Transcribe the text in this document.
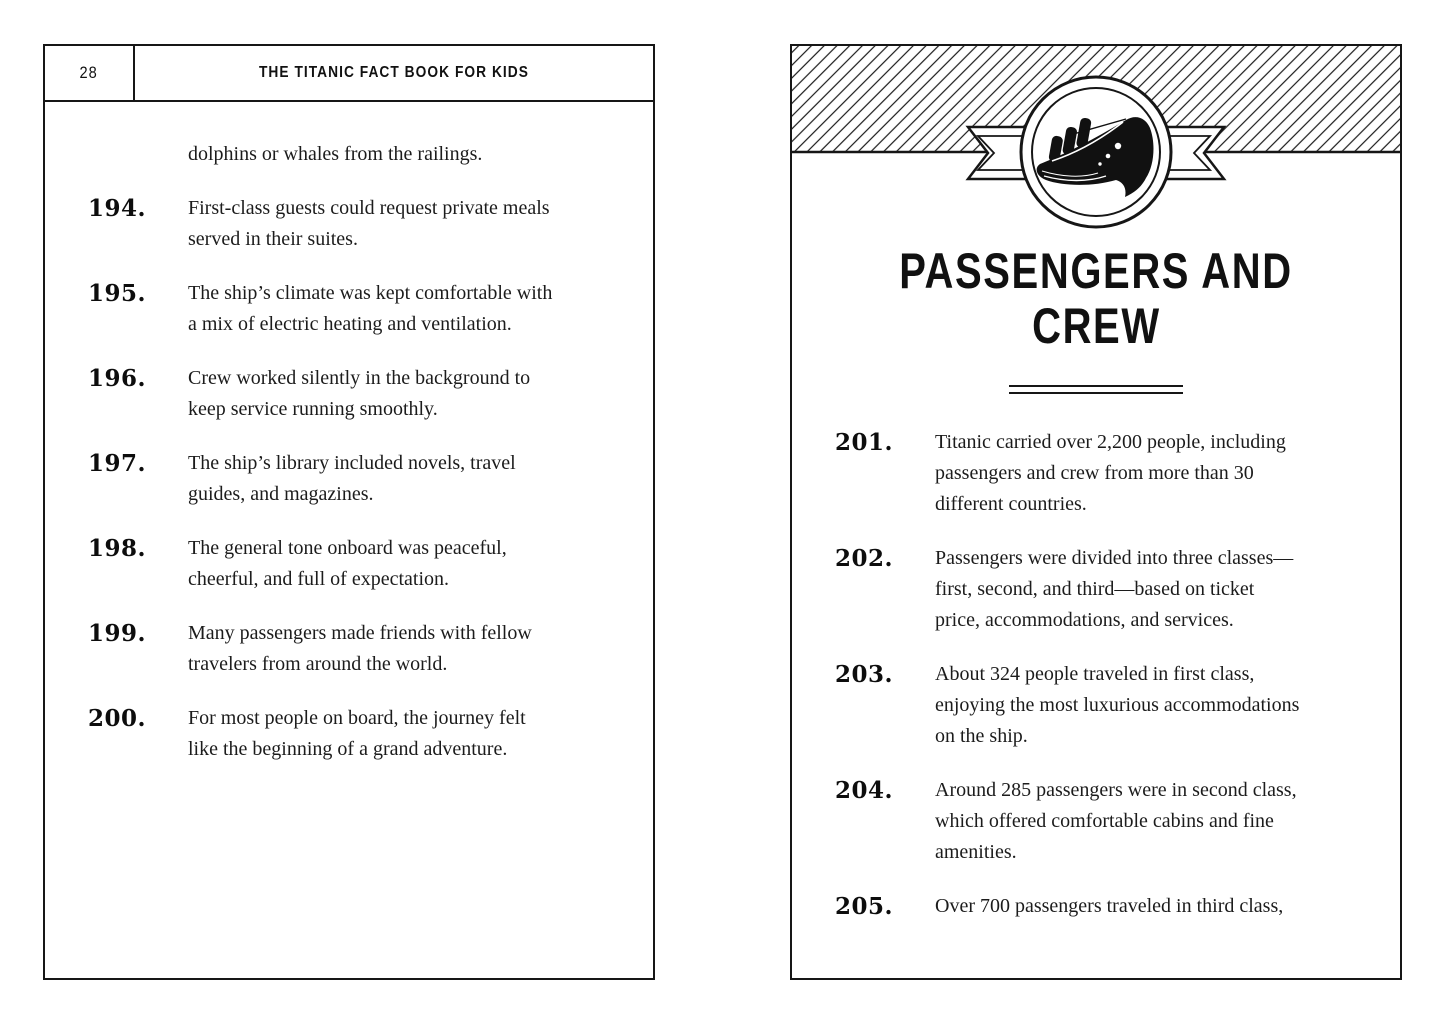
28	THE TITANIC FACT BOOK FOR KIDS
dolphins or whales from the railings.
194.	First-class guests could request private meals
served in their suites.
195.	The ship’s climate was kept comfortable with
a mix of electric heating and ventilation.
196.	Crew worked silently in the background to
keep service running smoothly.
197.	The ship’s library included novels, travel
guides, and magazines.
198.	The general tone onboard was peaceful,
cheerful, and full of expectation.
199.	Many passengers made friends with fellow
travelers from around the world.
200.	For most people on board, the journey felt
like the beginning of a grand adventure.
PASSENGERS AND
CREW
201.	Titanic carried over 2,200 people, including
passengers and crew from more than 30
different countries.
202.	Passengers were divided into three classes—
first, second, and third—based on ticket
price, accommodations, and services.
203.	About 324 people traveled in first class,
enjoying the most luxurious accommodations
on the ship.
204.	Around 285 passengers were in second class,
which offered comfortable cabins and fine
amenities.
205.	Over 700 passengers traveled in third class,
